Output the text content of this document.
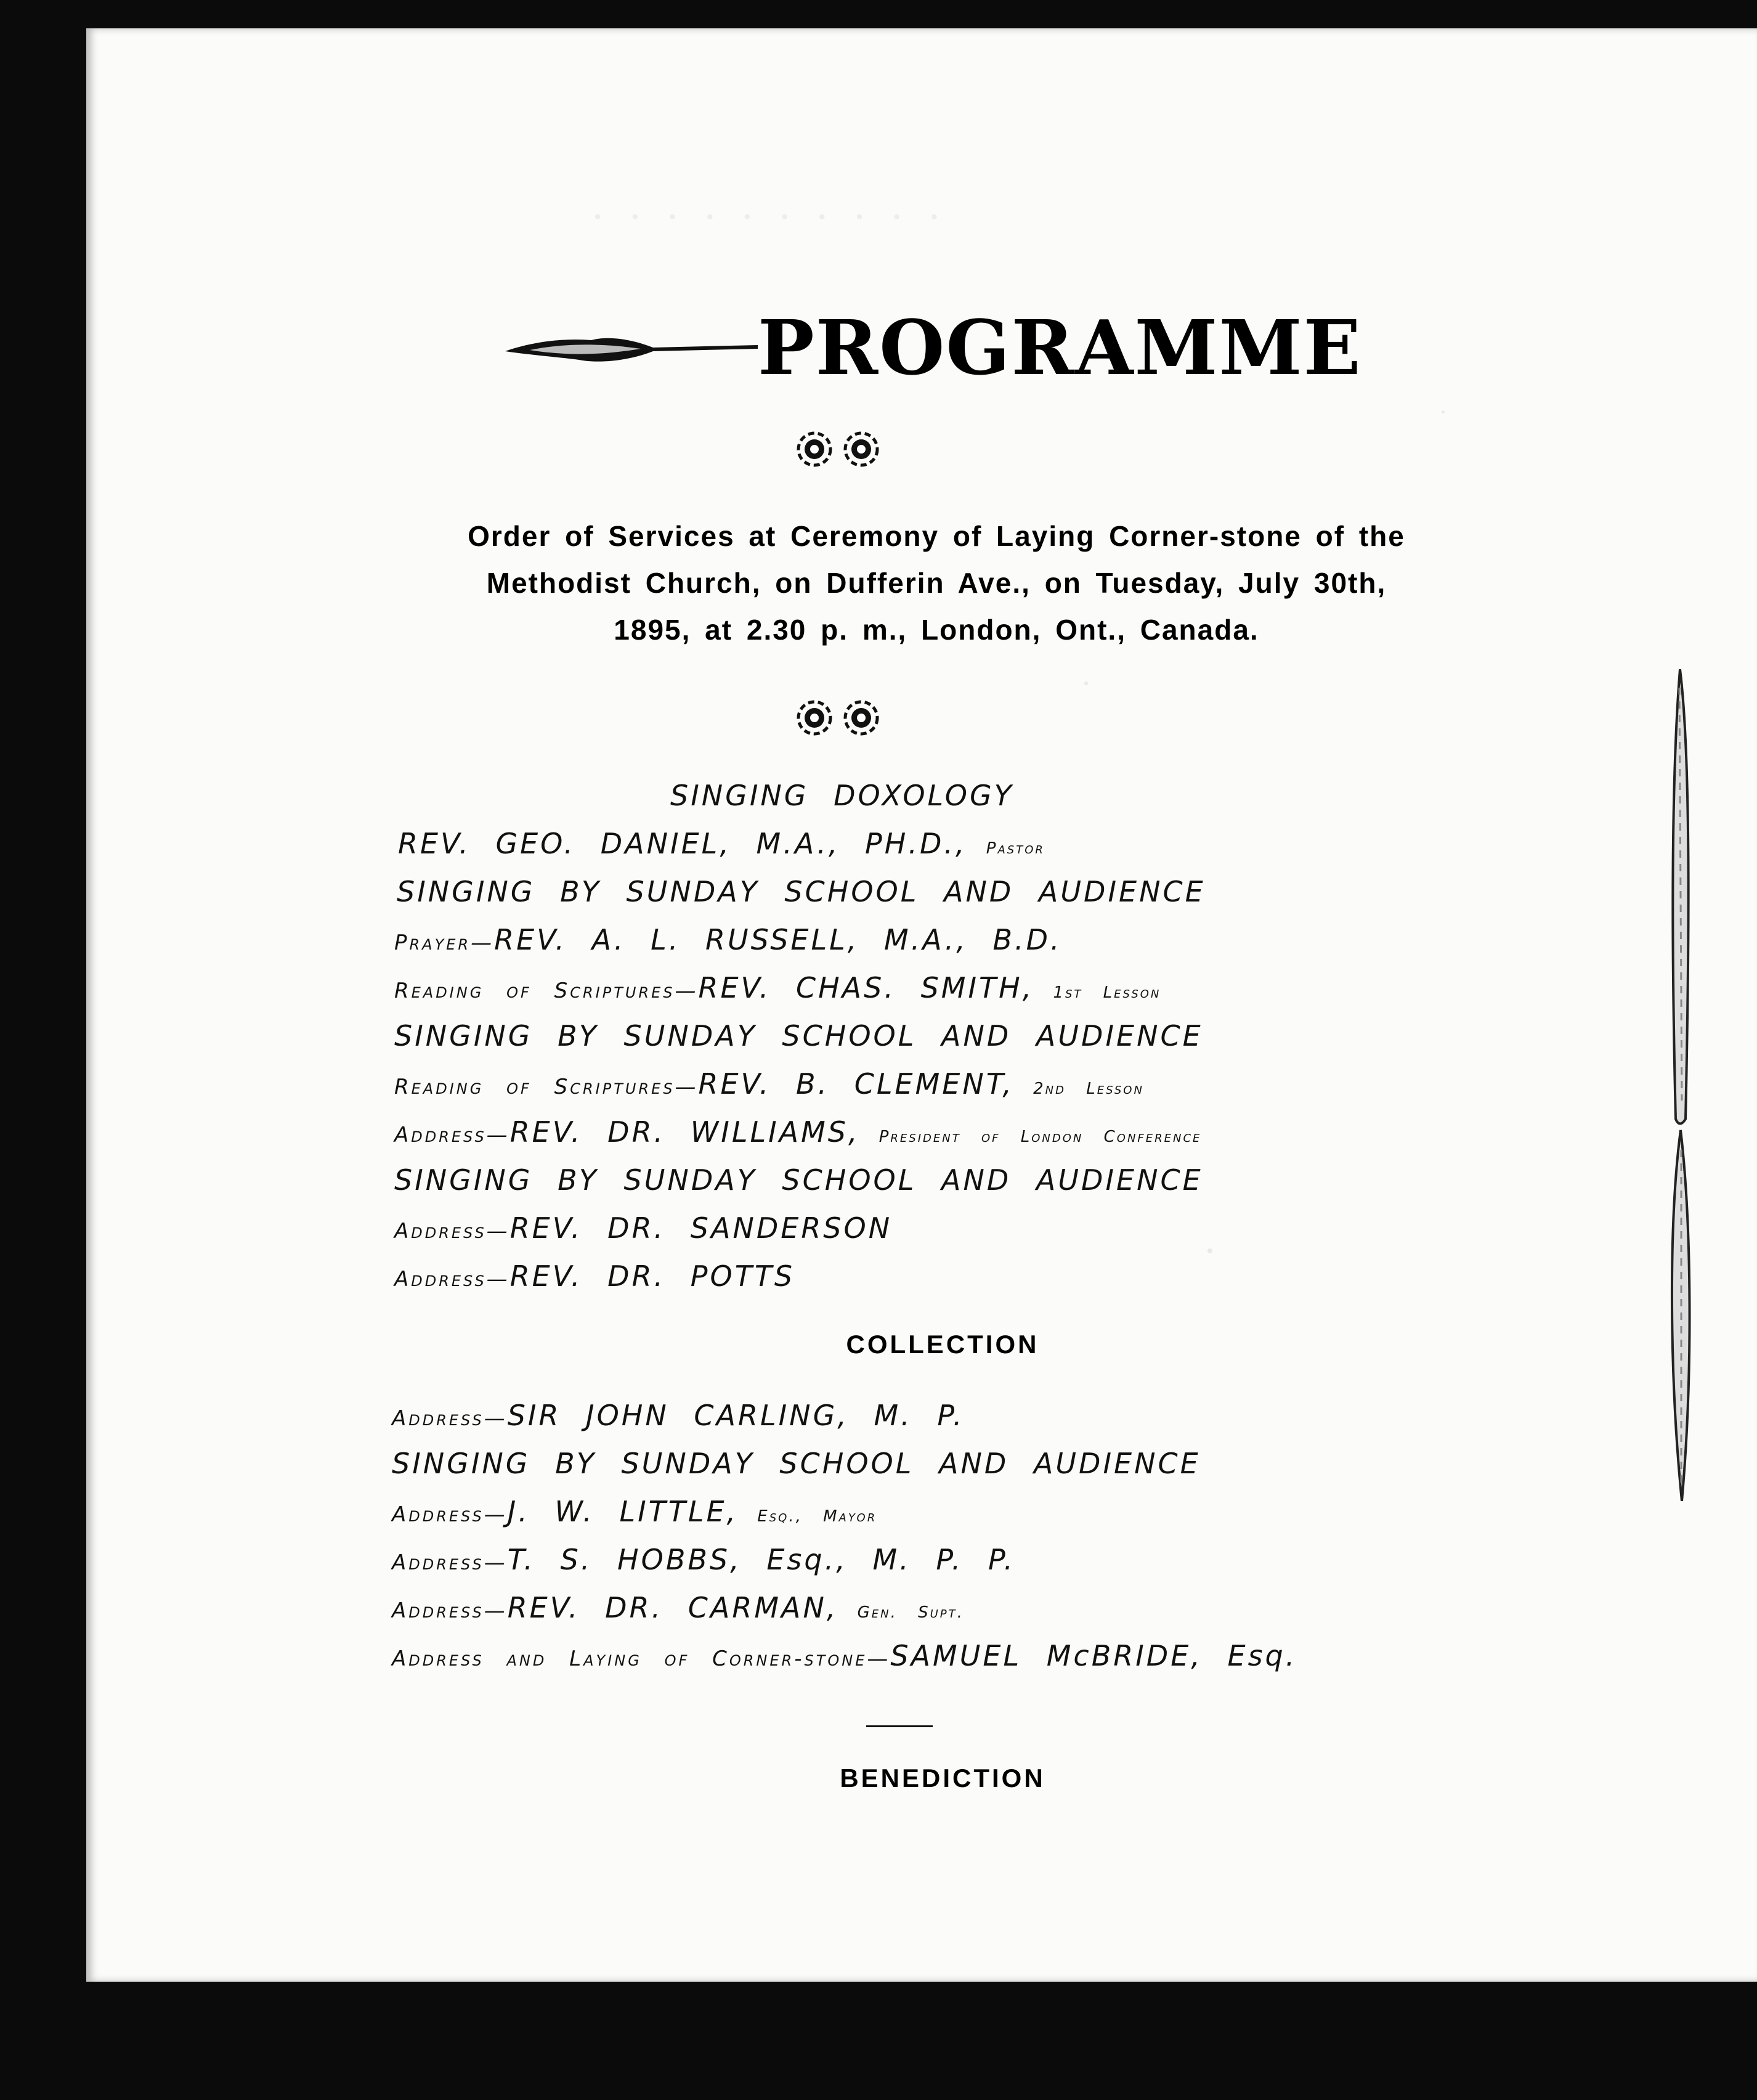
· · · · · · · · · ·
PROGRAMME

Order of Services at Ceremony of Laying Corner-stone of the

Methodist Church, on Dufferin Ave., on Tuesday, July 30th,

1895, at 2.30 p. m., London, Ont., Canada.

SINGING DOXOLOGY
REV. GEO. DANIEL, M.A., PH.D., Pastor
SINGING BY SUNDAY SCHOOL AND AUDIENCE
Prayer—REV. A. L. RUSSELL, M.A., B.D.
Reading of Scriptures—REV. CHAS. SMITH, 1st Lesson
SINGING BY SUNDAY SCHOOL AND AUDIENCE
Reading of Scriptures—REV. B. CLEMENT, 2nd Lesson
Address—REV. DR. WILLIAMS, President of London Conference
SINGING BY SUNDAY SCHOOL AND AUDIENCE
Address—REV. DR. SANDERSON
Address—REV. DR. POTTS
COLLECTION
Address—SIR JOHN CARLING, M. P.
SINGING BY SUNDAY SCHOOL AND AUDIENCE
Address—J. W. LITTLE, Esq., Mayor
Address—T. S. HOBBS, Esq., M. P. P.
Address—REV. DR. CARMAN, Gen. Supt.
Address and Laying of Corner-stone—SAMUEL McBRIDE, Esq.
BENEDICTION
